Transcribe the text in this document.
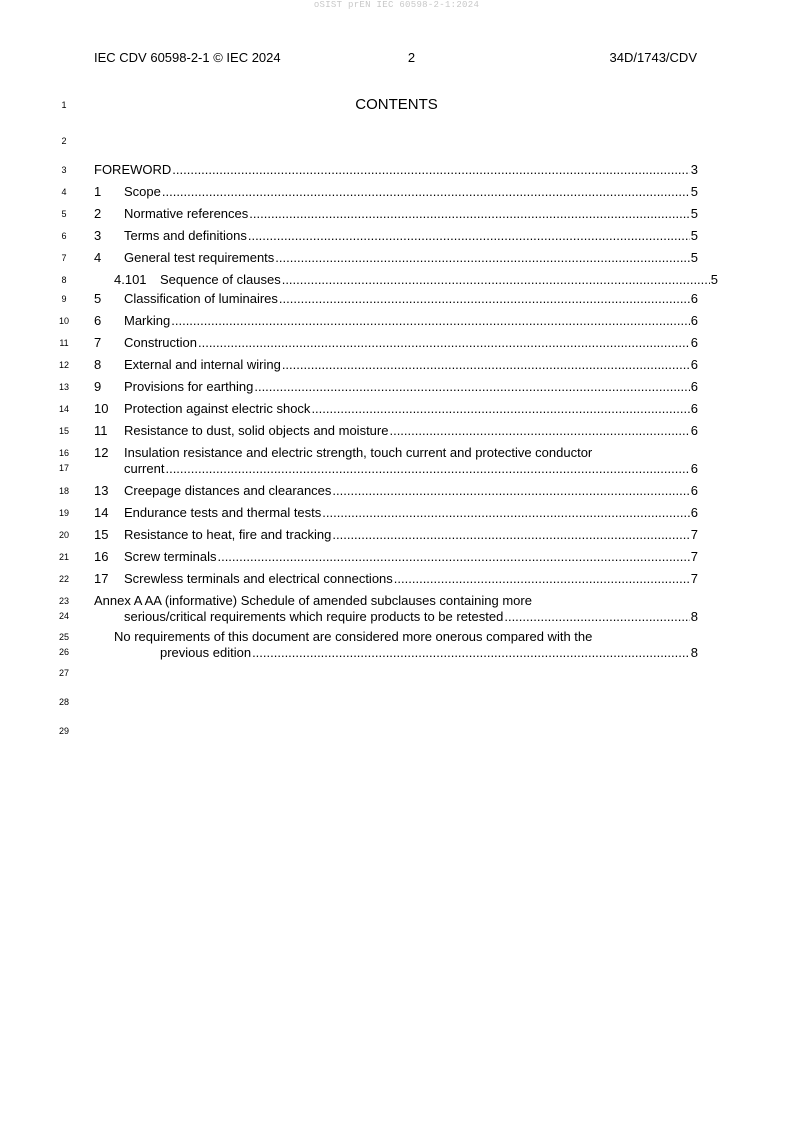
oSIST prEN IEC 60598-2-1:2024
IEC CDV 60598-2-1 © IEC 2024	2	34D/1743/CDV
CONTENTS
1
2
3
4
5
6
7
8
9
10
11
12
13
14
15
16
17
18
19
20
21
22
23
24
25
26
27
28
29
FOREWORD .....	3
1	Scope .....	5
2	Normative references .....	5
3	Terms and definitions .....	5
4	General test requirements .....	5
4.101	Sequence of clauses .....	5
5	Classification of luminaires .....	6
6	Marking .....	6
7	Construction .....	6
8	External and internal wiring .....	6
9	Provisions for earthing .....	6
10	Protection against electric shock .....	6
11	Resistance to dust, solid objects and moisture .....	6
12 Insulation resistance and electric strength, touch current and protective conductor
current .....	6
13	Creepage distances and clearances .....	6
14	Endurance tests and thermal tests .....	6
15	Resistance to heat, fire and tracking .....	7
16	Screw terminals .....	7
17	Screwless terminals and electrical connections .....	7
Annex A AA (informative) Schedule of amended subclauses containing more
serious/critical requirements which require products to be retested .....	8
No requirements of this document are considered more onerous compared with the
previous edition .....	8
